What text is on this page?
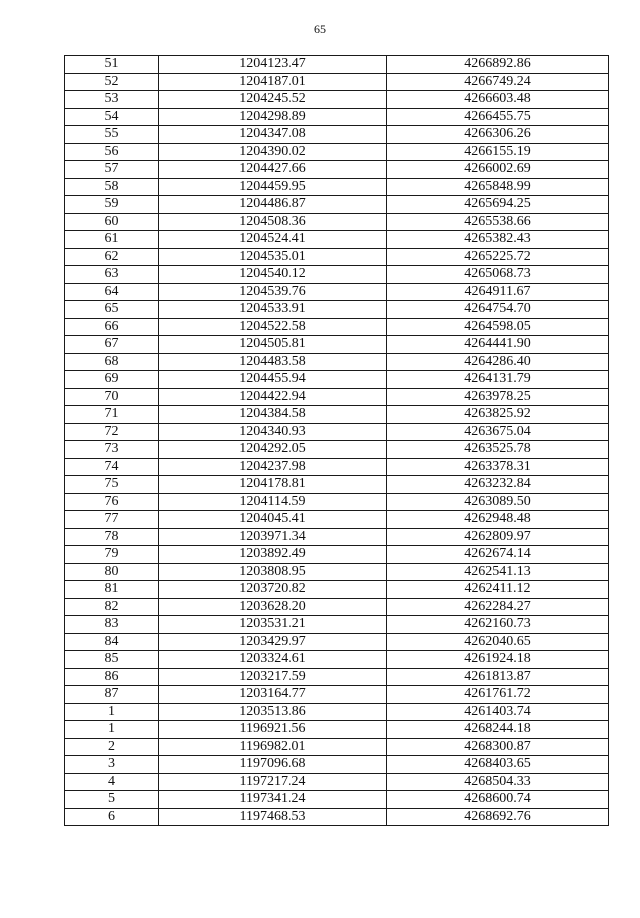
65
51	1204123.47	4266892.86
52	1204187.01	4266749.24
53	1204245.52	4266603.48
54	1204298.89	4266455.75
55	1204347.08	4266306.26
56	1204390.02	4266155.19
57	1204427.66	4266002.69
58	1204459.95	4265848.99
59	1204486.87	4265694.25
60	1204508.36	4265538.66
61	1204524.41	4265382.43
62	1204535.01	4265225.72
63	1204540.12	4265068.73
64	1204539.76	4264911.67
65	1204533.91	4264754.70
66	1204522.58	4264598.05
67	1204505.81	4264441.90
68	1204483.58	4264286.40
69	1204455.94	4264131.79
70	1204422.94	4263978.25
71	1204384.58	4263825.92
72	1204340.93	4263675.04
73	1204292.05	4263525.78
74	1204237.98	4263378.31
75	1204178.81	4263232.84
76	1204114.59	4263089.50
77	1204045.41	4262948.48
78	1203971.34	4262809.97
79	1203892.49	4262674.14
80	1203808.95	4262541.13
81	1203720.82	4262411.12
82	1203628.20	4262284.27
83	1203531.21	4262160.73
84	1203429.97	4262040.65
85	1203324.61	4261924.18
86	1203217.59	4261813.87
87	1203164.77	4261761.72
1	1203513.86	4261403.74
1	1196921.56	4268244.18
2	1196982.01	4268300.87
3	1197096.68	4268403.65
4	1197217.24	4268504.33
5	1197341.24	4268600.74
6	1197468.53	4268692.76
